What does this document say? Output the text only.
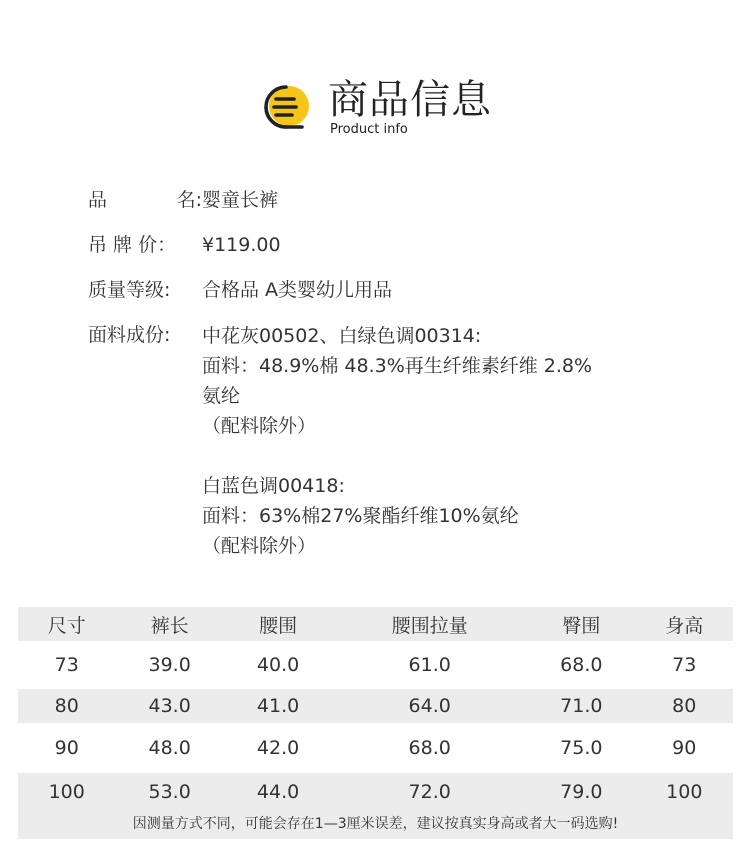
商品信息
Product info
品	名: 婴童长裤
吊 牌 价：	¥119.00
质量等级:	合格品 A类婴幼儿用品
面料成份: 中花灰00502、白绿色调00314:
面料：48.9%棉 48.3%再生纤维素纤维 2.8%
氨纶
（配料除外）
白蓝色调00418:
面料：63%棉27%聚酯纤维10%氨纶
（配料除外）
尺寸	裤长	腰围	腰围拉量	臀围	身高
73	39.0	40.0	61.0	68.0	73
80	43.0	41.0	64.0	71.0	80
90	48.0	42.0	68.0	75.0	90
100	53.0	44.0	72.0	79.0	100
因测量方式不同，可能会存在1—3厘米误差，建议按真实身高或者大一码选购!
